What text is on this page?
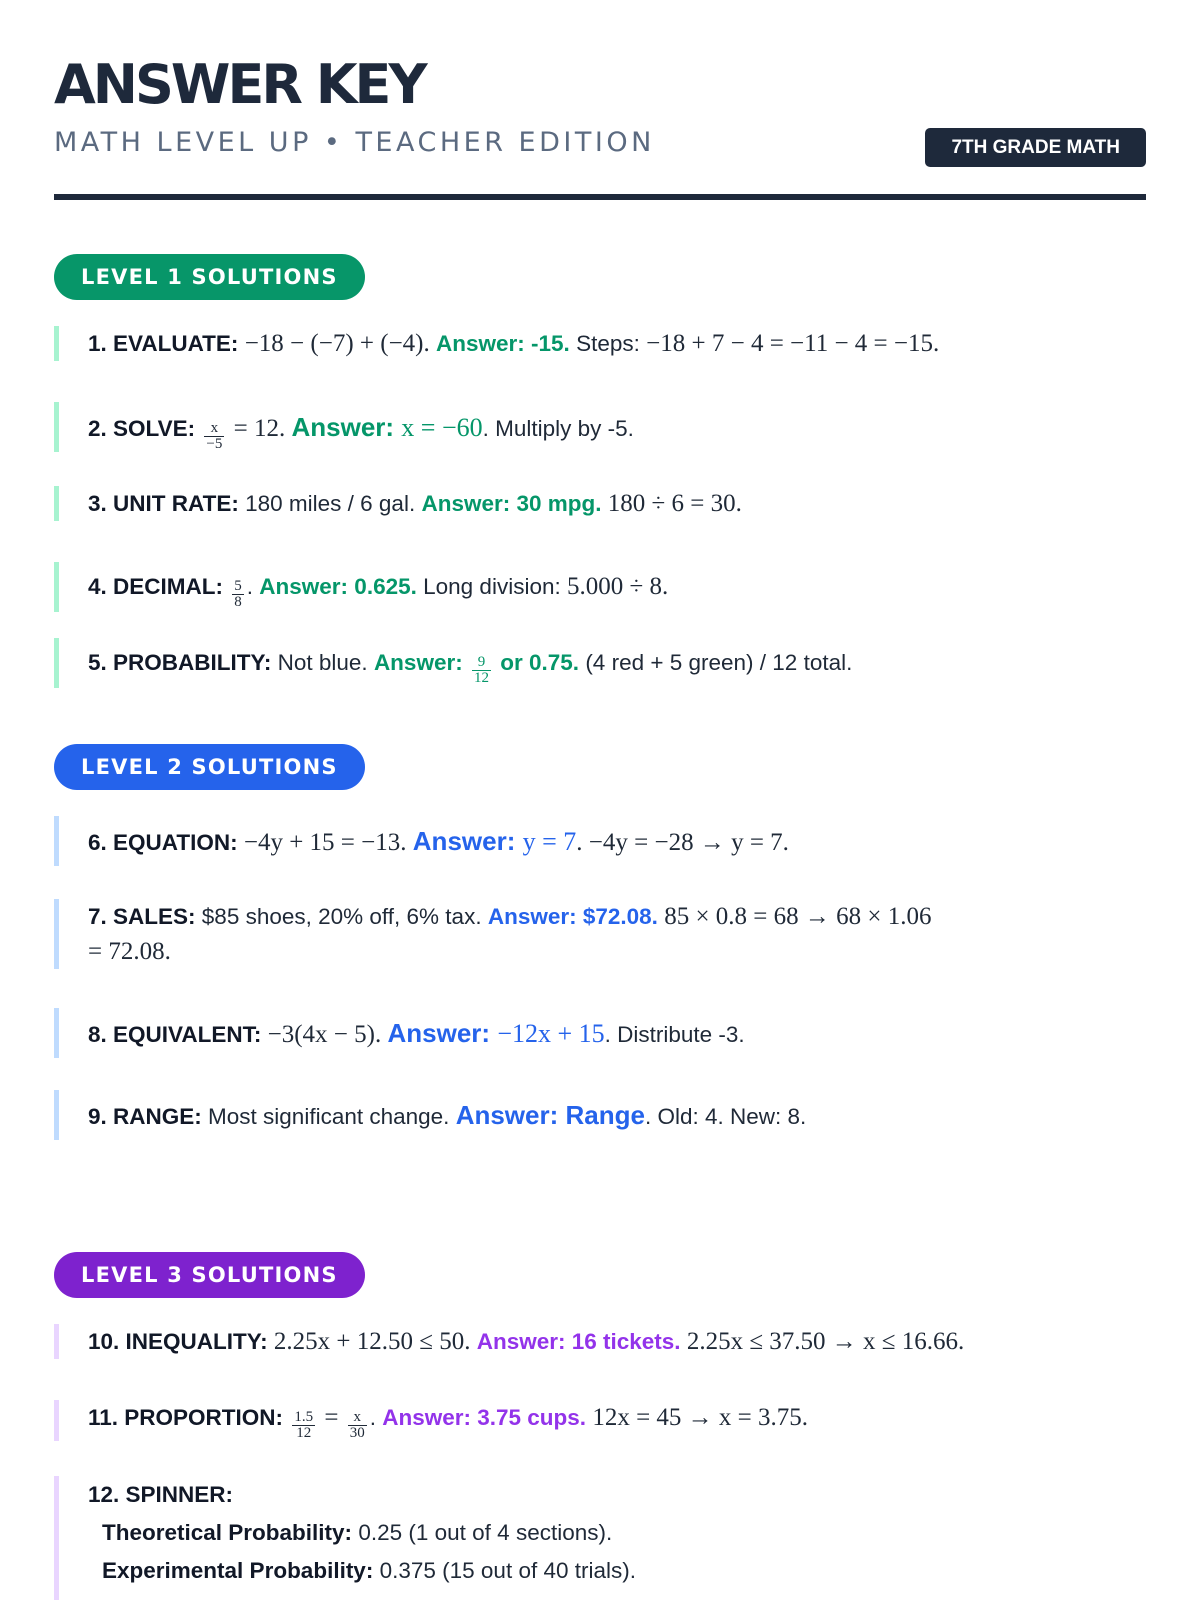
ANSWER KEY
MATH LEVEL UP • TEACHER EDITION	7TH GRADE MATH
LEVEL 1 SOLUTIONS
1. EVALUATE: −18 − (−7) + (−4). Answer: -15. Steps: −18 + 7 − 4 = −11 − 4 = −15.
2. SOLVE: $\frac{x}{-5} = 12$. Answer: x = −60. Multiply by -5.
3. UNIT RATE: 180 miles / 6 gal. Answer: 30 mpg. 180 ÷ 6 = 30.
4. DECIMAL: $\frac{5}{8}$ . Answer: 0.625. Long division: 5.000 ÷ 8.
5. PROBABILITY: Not blue. Answer: $\frac{9}{12}$ or 0.75. (4 red + 5 green) / 12 total.
LEVEL 2 SOLUTIONS
6. EQUATION: −4y + 15 = −13. Answer: y = 7. −4y = −28 → y = 7.
7. SALES: $85 shoes, 20% off, 6% tax. Answer: $72.08. 85 × 0.8 = 68 → 68 × 1.06
= 72.08.
8. EQUIVALENT: −3(4x − 5). Answer: −12x + 15. Distribute -3.
9. RANGE: Most significant change. Answer: Range. Old: 4. New: 8.
LEVEL 3 SOLUTIONS
10. INEQUALITY: 2.25x + 12.50 ≤ 50. Answer: 16 tickets. 2.25x ≤ 37.50 → x ≤ 16.66.
11. PROPORTION: $\frac{1.5}{12} = \frac{x}{30}$ . Answer: 3.75 cups. 12x = 45 → x = 3.75.
12. SPINNER:
Theoretical Probability: 0.25 (1 out of 4 sections).
Experimental Probability: 0.375 (15 out of 40 trials).
